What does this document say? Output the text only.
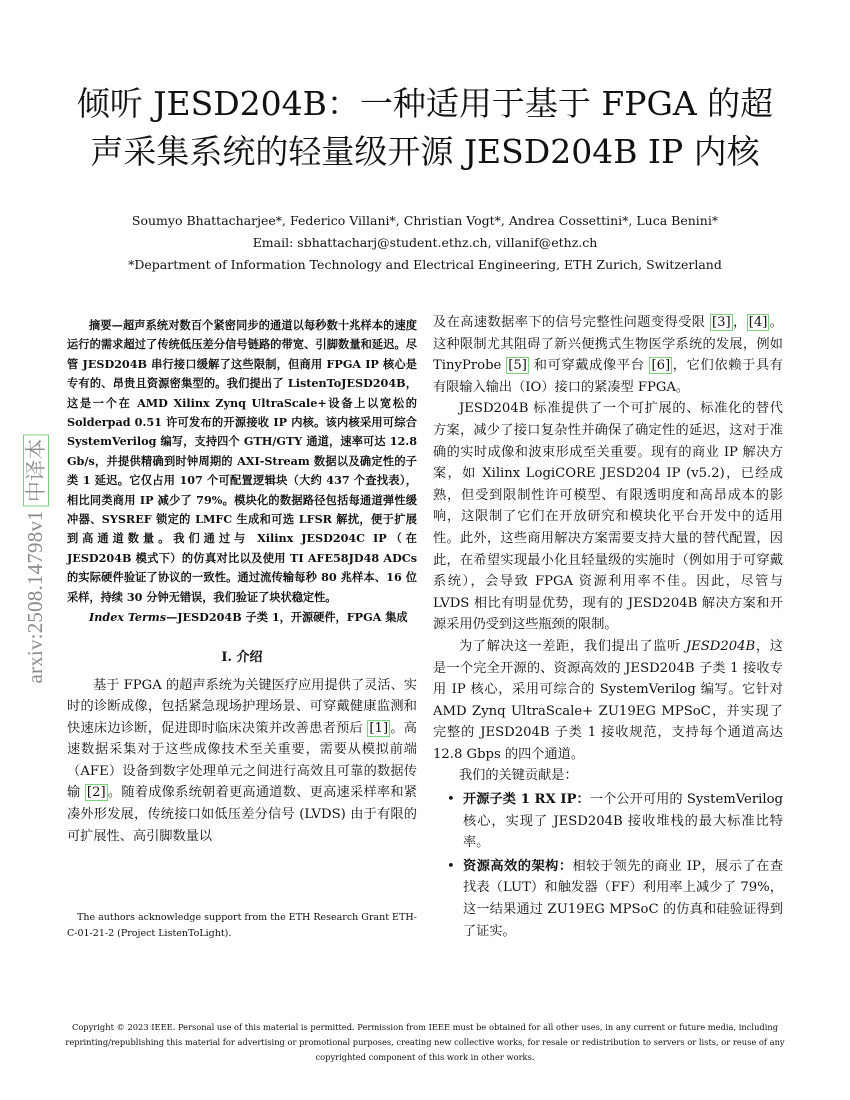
arxiv:2508.14798v1
中译本
倾听 JESD204B：一种适用于基于 FPGA 的超
声采集系统的轻量级开源 JESD204B IP 内核
Soumyo Bhattacharjee*, Federico Villani*, Christian Vogt*, Andrea Cossettini*, Luca Benini*
Email: sbhattacharj@student.ethz.ch, villanif@ethz.ch
*Department of Information Technology and Electrical Engineering, ETH Zurich, Switzerland

摘要—超声系统对数百个紧密同步的通道以每秒数十兆样本的速度运行的需求超过了传统低压差分信号链路的带宽、引脚数量和延迟。尽管 JESD204B 串行接口缓解了这些限制，但商用 FPGA IP 核心是专有的、昂贵且资源密集型的。我们提出了 ListenToJESD204B，这是一个在 AMD Xilinx Zynq UltraScale+设备上以宽松的 Solderpad 0.51 许可发布的开源接收 IP 内核。该内核采用可综合 SystemVerilog 编写，支持四个 GTH/GTY 通道，速率可达 12.8 Gb/s，并提供精确到时钟周期的 AXI-Stream 数据以及确定性的子类 1 延迟。它仅占用 107 个可配置逻辑块（大约 437 个查找表），相比同类商用 IP 减少了 79%。模块化的数据路径包括每通道弹性缓冲器、SYSREF 锁定的 LMFC 生成和可选 LFSR 解扰，便于扩展到高通道数量。我们通过与 Xilinx JESD204C IP（在 JESD204B 模式下）的仿真对比以及使用 TI AFE58JD48 ADCs 的实际硬件验证了协议的一致性。通过流传输每秒 80 兆样本、16 位采样，持续 30 分钟无错误，我们验证了块状稳定性。

Index Terms—JESD204B 子类 1，开源硬件，FPGA 集成

I. 介绍

基于 FPGA 的超声系统为关键医疗应用提供了灵活、实时的诊断成像，包括紧急现场护理场景、可穿戴健康监测和快速床边诊断，促进即时临床决策并改善患者预后 [1] 。高速数据采集对于这些成像技术至关重要，需要从模拟前端（AFE）设备到数字处理单元之间进行高效且可靠的数据传输 [2] 。随着成像系统朝着更高通道数、更高速采样率和紧凑外形发展，传统接口如低压差分信号 (LVDS) 由于有限的可扩展性、高引脚数量以

The authors acknowledge support from the ETH Research Grant ETH-C-01-21-2 (Project ListenToLight).

及在高速数据率下的信号完整性问题变得受限 [3] ， [4] 。这种限制尤其阻碍了新兴便携式生物医学系统的发展，例如 TinyProbe [5] 和可穿戴成像平台 [6] ，它们依赖于具有有限输入输出（IO）接口的紧凑型 FPGA。

JESD204B 标准提供了一个可扩展的、标准化的替代方案，减少了接口复杂性并确保了确定性的延迟，这对于准确的实时成像和波束形成至关重要。现有的商业 IP 解决方案，如 Xilinx LogiCORE JESD204 IP (v5.2)，已经成熟，但受到限制性许可模型、有限透明度和高昂成本的影响，这限制了它们在开放研究和模块化平台开发中的适用性。此外，这些商用解决方案需要支持大量的替代配置，因此，在希望实现最小化且轻量级的实施时（例如用于可穿戴系统），会导致 FPGA 资源利用率不佳。因此，尽管与 LVDS 相比有明显优势，现有的 JESD204B 解决方案和开源采用仍受到这些瓶颈的限制。

为了解决这一差距，我们提出了监听 JESD204B，这是一个完全开源的、资源高效的 JESD204B 子类 1 接收专用 IP 核心，采用可综合的 SystemVerilog 编写。它针对 AMD Zynq UltraScale+ ZU19EG MPSoC，并实现了完整的 JESD204B 子类 1 接收规范，支持每个通道高达 12.8 Gbps 的四个通道。

我们的关键贡献是：

• 开源子类 1 RX IP：一个公开可用的 SystemVerilog 核心，实现了 JESD204B 接收堆栈的最大标准比特率。
• 资源高效的架构：相较于领先的商业 IP，展示了在查找表（LUT）和触发器（FF）利用率上减少了 79%，这一结果通过 ZU19EG MPSoC 的仿真和硅验证得到了证实。
Copyright © 2023 IEEE. Personal use of this material is permitted. Permission from IEEE must be obtained for all other uses, in any current or future media, including
reprinting/republishing this material for advertising or promotional purposes, creating new collective works, for resale or redistribution to servers or lists, or reuse of any copyrighted component of this work in other works.
